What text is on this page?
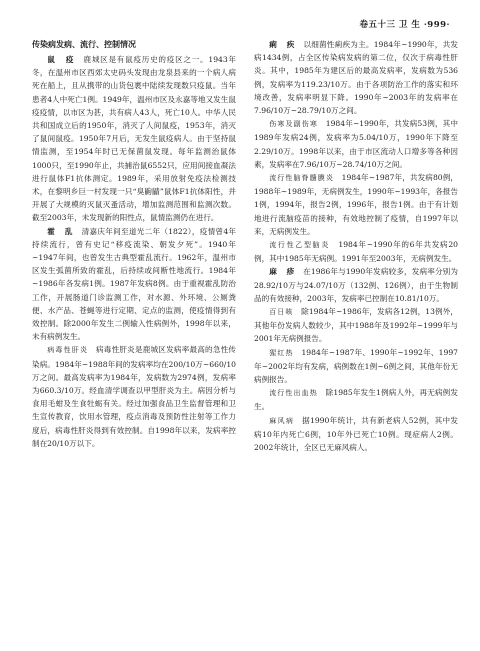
卷五十三 卫 生 ·999·
传染病发病、流行、控制情况

鼠　疫　 鹿城区是有鼠疫历史的疫区之一。1943年冬，在温州市区西郊太史码头发现由龙泉县来的一个病人病死在船上，且从携带的山货包裹中陆续发现数只疫鼠。当年患者4人中死亡1例。1949年，温州市区及永嘉等地又发生鼠疫疫情，以市区为甚，共有病人43人，死亡10人。中华人民共和国成立后的1950年，消灭了人间鼠疫，1953年，消灭了鼠间鼠疫。1950年7月后，无发生鼠疫病人。由于坚持鼠情监测，至1954年时已无保菌鼠发现。每年监测治鼠体1000只，至1990年止，共捕治鼠6552只，应用间接血凝法进行鼠体F1抗体测定。1989年，采用放射免疫法检测技术，在黎明乡巨一村发现一只“臭鼩鼱”鼠体F1抗体阳性，并开展了大规模的灭鼠灭蚤活动，增加监测范围和监测次数。截至2003年，未发现新的阳性点，鼠情监测仍在进行。

霍　乱　 清嘉庆年间至道光二年（1822），疫情曾4年持续流行，曾有史记“移疫流染、朝发夕死”。1940年~1947年间，也曾发生古典型霍乱流行。1962年，温州市区发生弧菌所致的霍乱，后持续或间断性地流行。1984年~1986年各发病1例。1987年发病8例。由于重视霍乱防治工作，开展肠道门诊监测工作，对水源、外环境、公厕粪便、水产品、苍蝇等进行定期、定点的监测，使疫情得到有效控制。除2000年发生二例输入性病例外，1998年以来，未有病例发生。

病毒性肝炎　 病毒性肝炎是鹿城区发病率最高的急性传染病。1984年~1988年间的发病率均在200/10万~660/10万之间。最高发病率为1984年，发病数为2974例，发病率为660.3/10万。经血清学调查以甲型肝炎为主。病因分析与食用毛蚶及生食牡蛎有关。经过加强食品卫生监督管理和卫生宣传教育，饮用水管理，疫点消毒及预防性注射等工作力度后，病毒性肝炎得到有效控制。自1998年以来，发病率控制在20/10万以下。

痢　疾　 以细菌性痢疾为主。1984年~1990年，共发病1434例，占全区传染病发病的第二位，仅次于病毒性肝炎。其中，1985年为建区后的最高发病率，发病数为536例，发病率为119.23/10万。由于各项防治工作的落实和环境改善，发病率明显下降。1990年~2003年的发病率在7.96/10万~28.79/10万之间。

伤寒及副伤寒　 1984年~1990年，共发病53例，其中1989年发病24例，发病率为5.04/10万，1990年下降至2.29/10万。1998年以来，由于市区流动人口增多等各种因素，发病率在7.96/10万~28.74/10万之间。

流行性脑脊髓膜炎　 1984年~1987年，共发病80例，1988年~1989年，无病例发生，1990年~1993年，各报告1例，1994年，报告2例，1996年，报告1例。由于有计划地进行流脑疫苗的接种，有效地控制了疫情，自1997年以来，无病例发生。

流行性乙型脑炎　 1984年~1990年的6年共发病20例，其中1985年无病例。1991年至2003年，无病例发生。

麻　疹　 在1986年与1990年发病较多，发病率分别为28.92/10万与24.07/10万（132例、126例），由于生物制品的有效接种，2003年，发病率已控制在10.81/10万。

百日咳　 除1984年~1986年，发病各12例，13例外，其他年份发病人数较少，其中1988年及1992年~1999年与2001年无病例报告。

猩红热　 1984年~1987年、1990年~1992年、1997年~2002年均有发病，病例数在1例~6例之间，其他年份无病例报告。

流行性出血热　 除1985年发生1例病人外，再无病例发生。

麻风病　 据1990年统计，共有新老病人52例，其中发病10年内死亡6例，10年外已死亡10例。现症病人2例。2002年统计，全区已无麻风病人。
